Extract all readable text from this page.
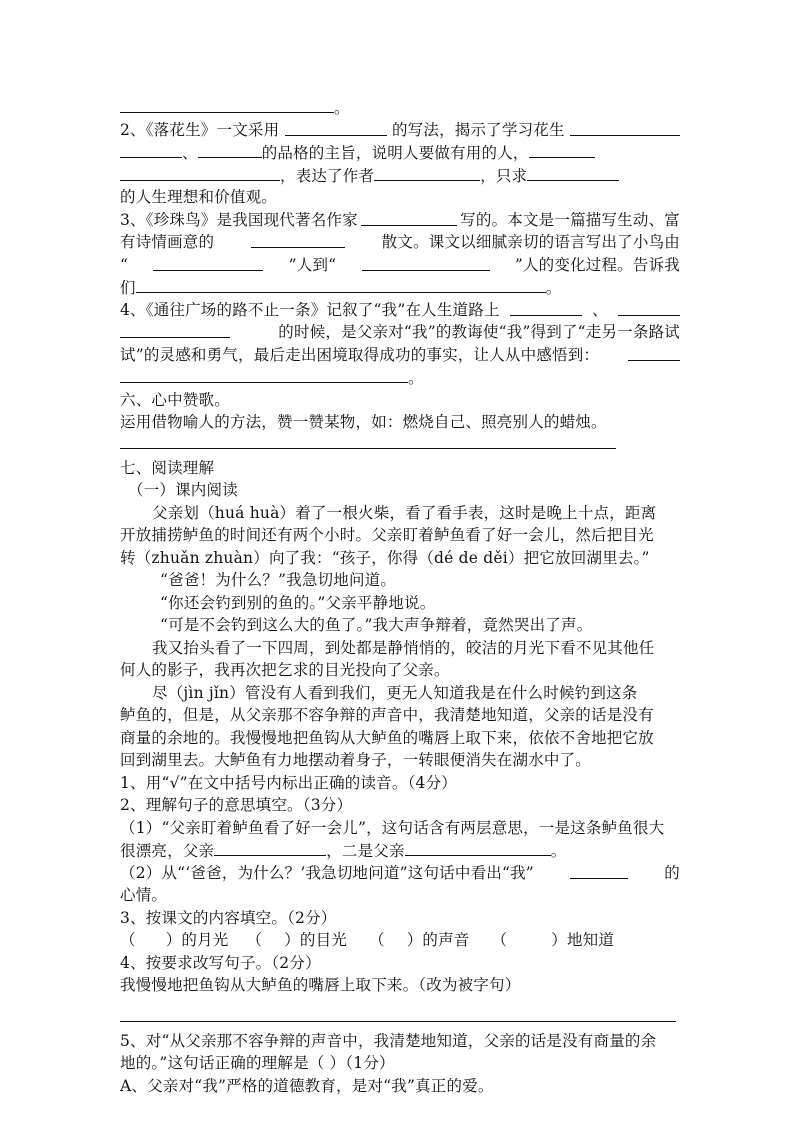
。
2、《落花生》一文采用	的写法，揭示了学习花生
、	的品格的主旨，说明人要做有用的人，
，表达了作者	，只求
的人生理想和价值观。
3、《珍珠鸟》是我国现代著名作家	写的。本文是一篇描写生动、富
有诗情画意的	散文。课文以细腻亲切的语言写出了小鸟由
“	”人到“	”人的变化过程。告诉我
们	。
4、《通往广场的路不止一条》记叙了“我”在人生道路上	、
的时候，是父亲对“我”的教诲使“我”得到了“走另一条路试
试”的灵感和勇气，最后走出困境取得成功的事实，让人从中感悟到：
。
六、心中赞歌。
运用借物喻人的方法，赞一赞某物，如：燃烧自己、照亮别人的蜡烛。
七、阅读理解
（一）课内阅读
父亲划（huá huà）着了一根火柴，看了看手表，这时是晚上十点，距离
开放捕捞鲈鱼的时间还有两个小时。父亲盯着鲈鱼看了好一会儿，然后把目光
转（zhuǎn zhuàn）向了我：“孩子，你得（dé de děi）把它放回湖里去。”
“爸爸！为什么？”我急切地问道。
“你还会钓到别的鱼的。”父亲平静地说。
“可是不会钓到这么大的鱼了。”我大声争辩着，竟然哭出了声。
我又抬头看了一下四周，到处都是静悄悄的，皎洁的月光下看不见其他任
何人的影子，我再次把乞求的目光投向了父亲。
尽（jìn jǐn）管没有人看到我们，更无人知道我是在什么时候钓到这条
鲈鱼的，但是，从父亲那不容争辩的声音中，我清楚地知道，父亲的话是没有
商量的余地的。我慢慢地把鱼钩从大鲈鱼的嘴唇上取下来，依依不舍地把它放
回到湖里去。大鲈鱼有力地摆动着身子，一转眼便消失在湖水中了。
1、用“√”在文中括号内标出正确的读音。（4分）
2、理解句子的意思填空。（3分）
（1）“父亲盯着鲈鱼看了好一会儿”，这句话含有两层意思，一是这条鲈鱼很大
很漂亮，父亲	，二是父亲	。
（2）从“‘爸爸，为什么？’我急切地问道”这句话中看出“我”	的
心情。
3、按课文的内容填空。（2分）
（ ）的月光 （ ）的目光 （ ）的声音 （	）地知道
4、按要求改写句子。（2分）
我慢慢地把鱼钩从大鲈鱼的嘴唇上取下来。（改为被字句）
5、对“从父亲那不容争辩的声音中，我清楚地知道，父亲的话是没有商量的余
地的。”这句话正确的理解是（ ）（1分）
A、父亲对“我”严格的道德教育，是对“我”真正的爱。
